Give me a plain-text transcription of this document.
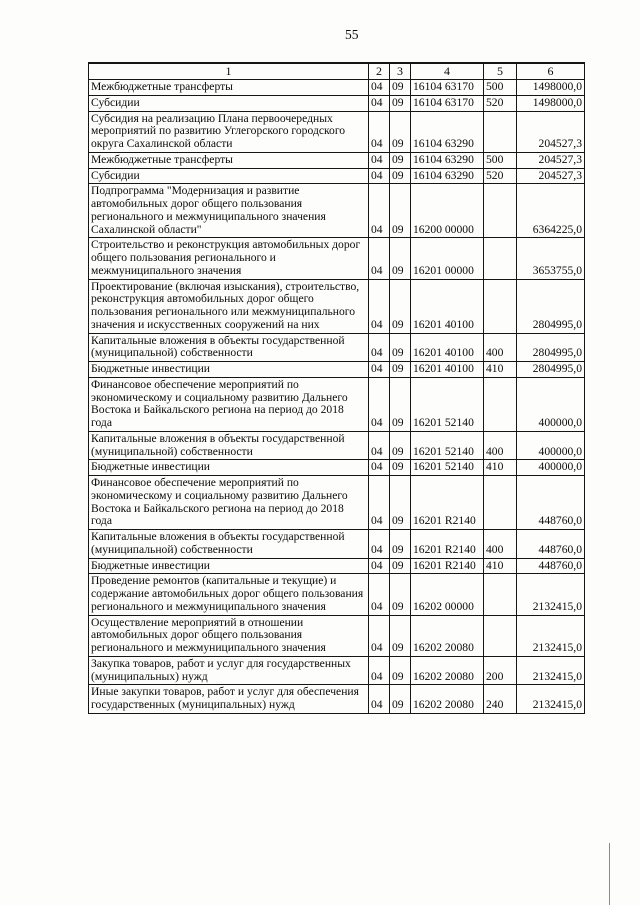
55
1	2	3	4	5	6
Межбюджетные трансферты	04	09	16104 63170	500	1498000,0
Субсидии	04	09	16104 63170	520	1498000,0
Субсидия на реализацию Плана первоочередных мероприятий по развитию Углегорского городского округа Сахалинской области	04	09	16104 63290		204527,3
Межбюджетные трансферты	04	09	16104 63290	500	204527,3
Субсидии	04	09	16104 63290	520	204527,3
Подпрограмма "Модернизация и развитие автомобильных дорог общего пользования регионального и межмуниципального значения Сахалинской области"	04	09	16200 00000		6364225,0
Строительство и реконструкция автомобильных дорог общего пользования регионального и межмуниципального значения	04	09	16201 00000		3653755,0
Проектирование (включая изыскания), строительство, реконструкция автомобильных дорог общего пользования регионального или межмуниципального значения и искусственных сооружений на них	04	09	16201 40100		2804995,0
Капитальные вложения в объекты государственной (муниципальной) собственности	04	09	16201 40100	400	2804995,0
Бюджетные инвестиции	04	09	16201 40100	410	2804995,0
Финансовое обеспечение мероприятий по экономическому и социальному развитию Дальнего Востока и Байкальского региона на период до 2018 года	04	09	16201 52140		400000,0
Капитальные вложения в объекты государственной (муниципальной) собственности	04	09	16201 52140	400	400000,0
Бюджетные инвестиции	04	09	16201 52140	410	400000,0
Финансовое обеспечение мероприятий по экономическому и социальному развитию Дальнего Востока и Байкальского региона на период до 2018 года	04	09	16201 R2140		448760,0
Капитальные вложения в объекты государственной (муниципальной) собственности	04	09	16201 R2140	400	448760,0
Бюджетные инвестиции	04	09	16201 R2140	410	448760,0
Проведение ремонтов (капитальные и текущие) и содержание автомобильных дорог общего пользования регионального и межмуниципального значения	04	09	16202 00000		2132415,0
Осуществление мероприятий в отношении автомобильных дорог общего пользования регионального и межмуниципального значения	04	09	16202 20080		2132415,0
Закупка товаров, работ и услуг для государственных (муниципальных) нужд	04	09	16202 20080	200	2132415,0
Иные закупки товаров, работ и услуг для обеспечения государственных (муниципальных) нужд	04	09	16202 20080	240	2132415,0
